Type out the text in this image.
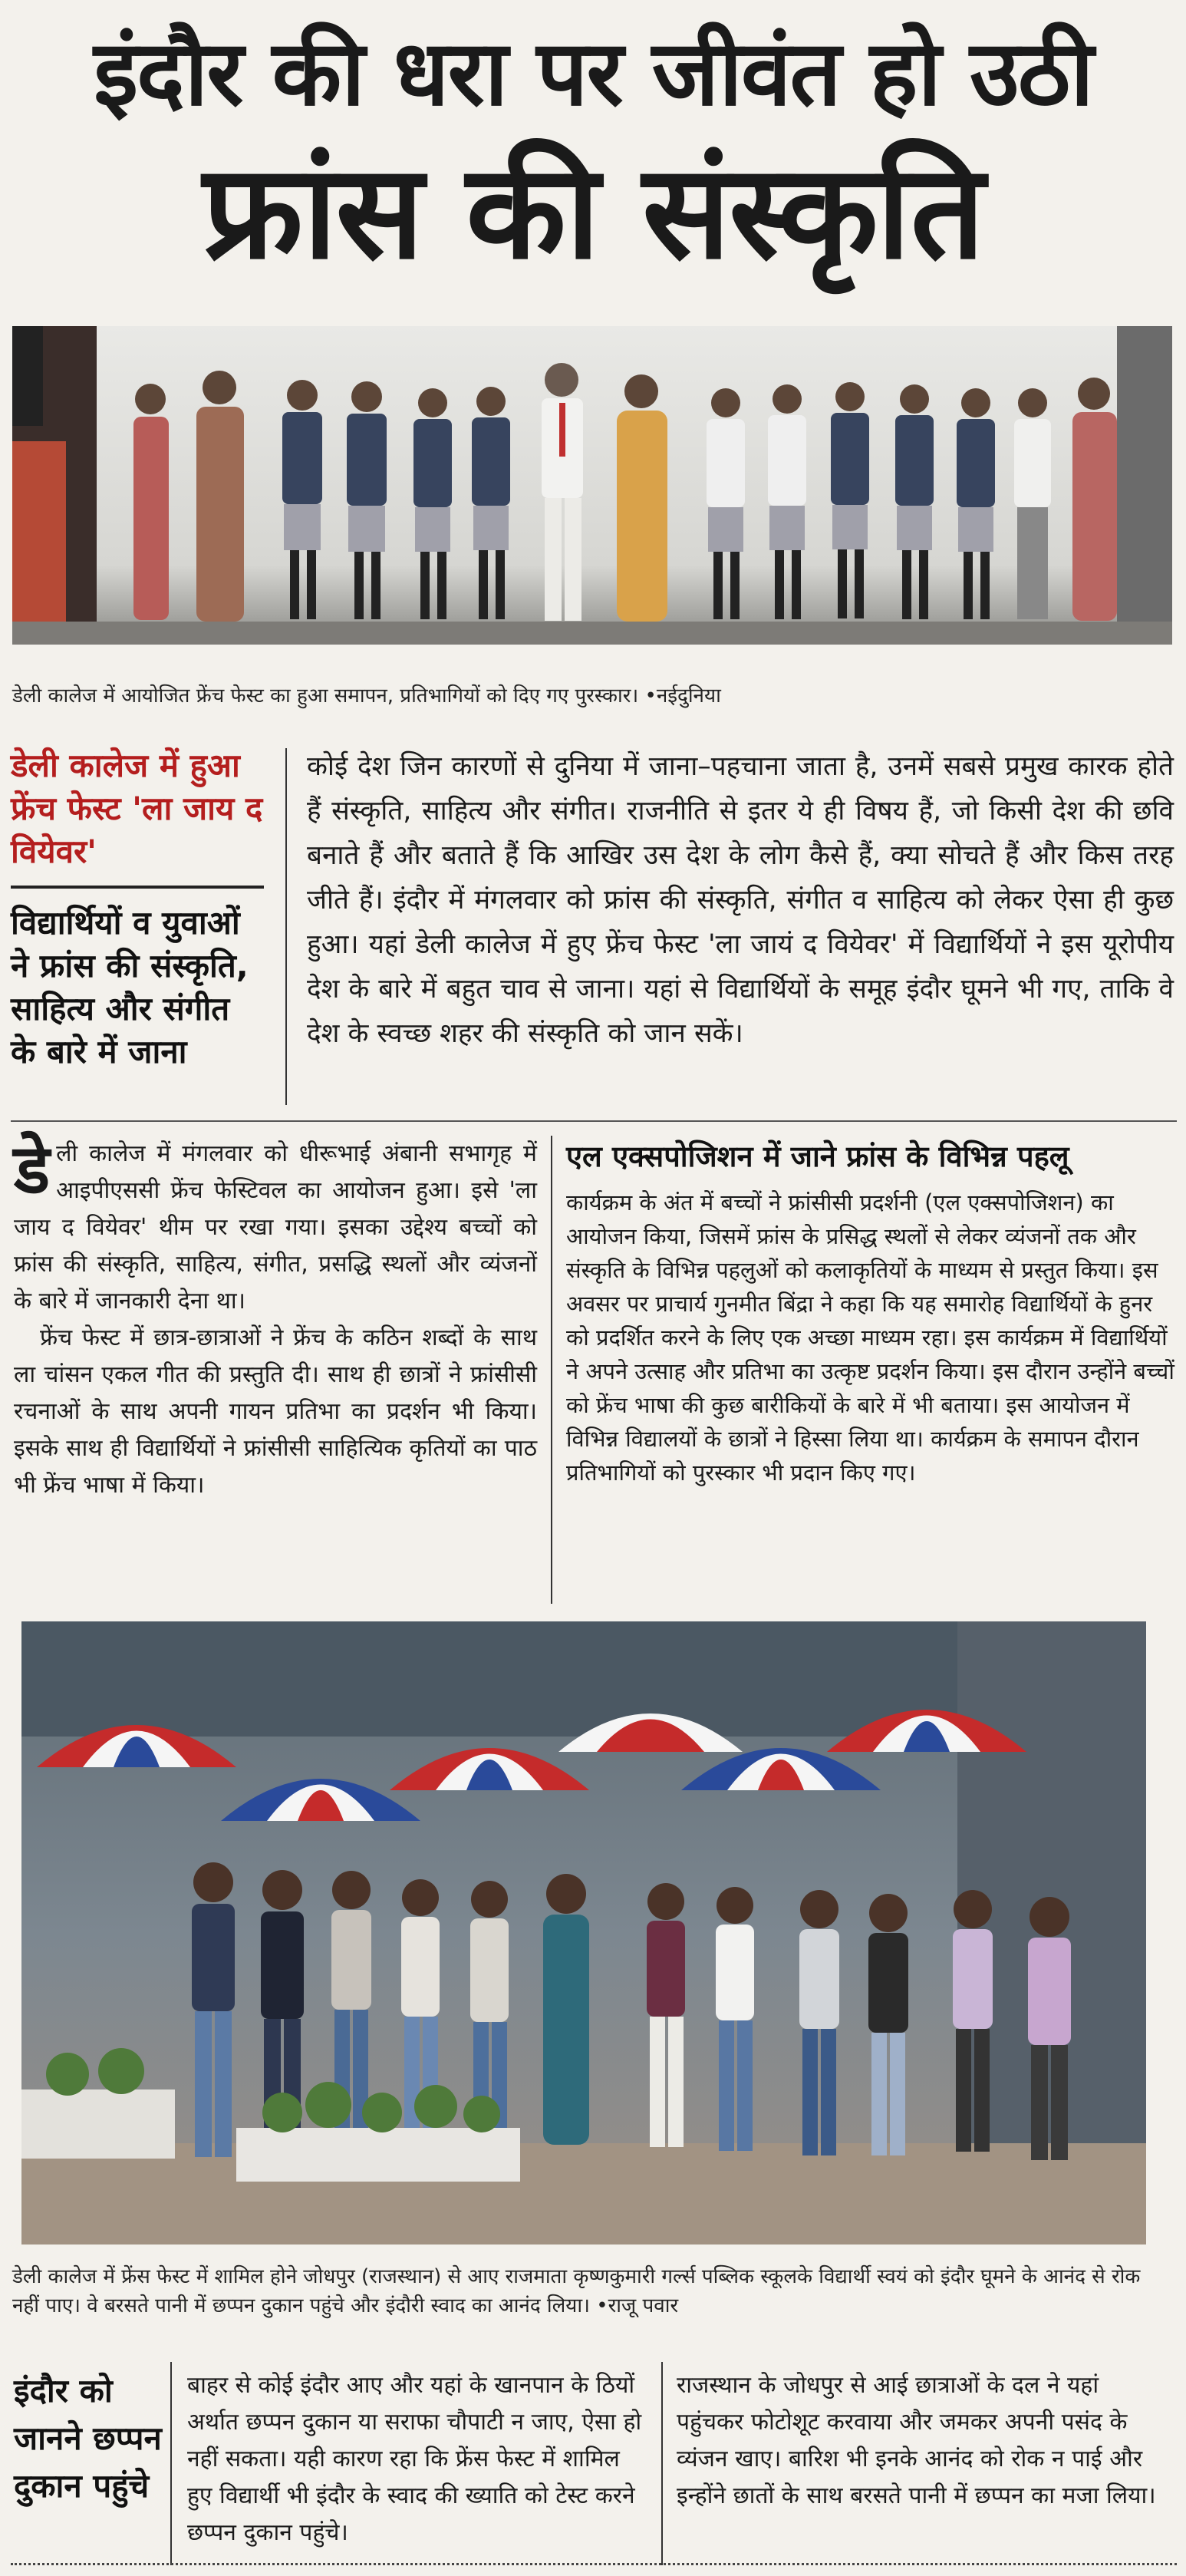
इंदौर की धरा पर जीवंत हो उठी
फ्रांस की संस्कृति
डेली कालेज में आयोजित फ्रेंच फेस्ट का हुआ समापन, प्रतिभागियों को दिए गए पुरस्कार। •नईदुनिया
डेली कालेज में हुआ फ्रेंच फेस्ट 'ला जाय द वियेवर'
विद्यार्थियों व युवाओं ने फ्रांस की संस्कृति, साहित्य और संगीत के बारे में जाना
कोई देश जिन कारणों से दुनिया में जाना–पहचाना जाता है, उनमें सबसे प्रमुख कारक होते हैं संस्कृति, साहित्य और संगीत। राजनीति से इतर ये ही विषय हैं, जो किसी देश की छवि बनाते हैं और बताते हैं कि आखिर उस देश के लोग कैसे हैं, क्या सोचते हैं और किस तरह जीते हैं। इंदौर में मंगलवार को फ्रांस की संस्कृति, संगीत व साहित्य को लेकर ऐसा ही कुछ हुआ। यहां डेली कालेज में हुए फ्रेंच फेस्ट 'ला जायं द वियेवर' में विद्यार्थियों ने इस यूरोपीय देश के बारे में बहुत चाव से जाना। यहां से विद्यार्थियों के समूह इंदौर घूमने भी गए, ताकि वे देश के स्वच्छ शहर की संस्कृति को जान सकें।

डेली कालेज में मंगलवार को धीरूभाई अंबानी सभागृह में आइपीएससी फ्रेंच फेस्टिवल का आयोजन हुआ। इसे 'ला जाय द वियेवर' थीम पर रखा गया। इसका उद्देश्य बच्चों को फ्रांस की संस्कृति, साहित्य, संगीत, प्रसद्धि स्थलों और व्यंजनों के बारे में जानकारी देना था।

फ्रेंच फेस्ट में छात्र-छात्राओं ने फ्रेंच के कठिन शब्दों के साथ ला चांसन एकल गीत की प्रस्तुति दी। साथ ही छात्रों ने फ्रांसीसी रचनाओं के साथ अपनी गायन प्रतिभा का प्रदर्शन भी किया। इसके साथ ही विद्यार्थियों ने फ्रांसीसी साहित्यिक कृतियों का पाठ भी फ्रेंच भाषा में किया।

एल एक्सपोजिशन में जाने फ्रांस के विभिन्न पहलू

कार्यक्रम के अंत में बच्चों ने फ्रांसीसी प्रदर्शनी (एल एक्सपोजिशन) का आयोजन किया, जिसमें फ्रांस के प्रसिद्ध स्थलों से लेकर व्यंजनों तक और संस्कृति के विभिन्न पहलुओं को कलाकृतियों के माध्यम से प्रस्तुत किया। इस अवसर पर प्राचार्य गुनमीत बिंद्रा ने कहा कि यह समारोह विद्यार्थियों के हुनर को प्रदर्शित करने के लिए एक अच्छा माध्यम रहा। इस कार्यक्रम में विद्यार्थियों ने अपने उत्साह और प्रतिभा का उत्कृष्ट प्रदर्शन किया। इस दौरान उन्होंने बच्चों को फ्रेंच भाषा की कुछ बारीकियों के बारे में भी बताया। इस आयोजन में विभिन्न विद्यालयों के छात्रों ने हिस्सा लिया था। कार्यक्रम के समापन दौरान प्रतिभागियों को पुरस्कार भी प्रदान किए गए।

डेली कालेज में फ्रेंस फेस्ट में शामिल होने जोधपुर (राजस्थान) से आए राजमाता कृष्णकुमारी गर्ल्स पब्लिक स्कूलके विद्यार्थी स्वयं को इंदौर घूमने के आनंद से रोक नहीं पाए। वे बरसते पानी में छप्पन दुकान पहुंचे और इंदौरी स्वाद का आनंद लिया। •राजू पवार
इंदौर को जानने छप्पन दुकान पहुंचे

बाहर से कोई इंदौर आए और यहां के खानपान के ठियों अर्थात छप्पन दुकान या सराफा चौपाटी न जाए, ऐसा हो नहीं सकता। यही कारण रहा कि फ्रेंस फेस्ट में शामिल हुए विद्यार्थी भी इंदौर के स्वाद की ख्याति को टेस्ट करने छप्पन दुकान पहुंचे।

राजस्थान के जोधपुर से आई छात्राओं के दल ने यहां पहुंचकर फोटोशूट करवाया और जमकर अपनी पसंद के व्यंजन खाए। बारिश भी इनके आनंद को रोक न पाई और इन्होंने छातों के साथ बरसते पानी में छप्पन का मजा लिया।
